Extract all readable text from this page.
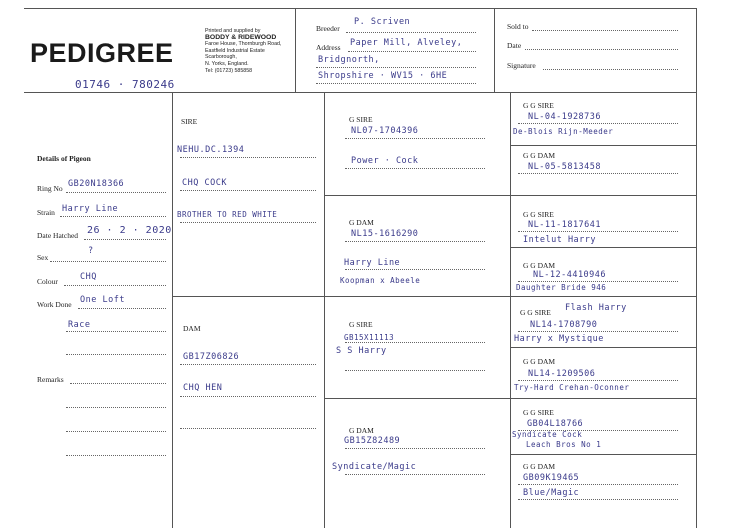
PEDIGREE
Printed and supplied by
BODDY & RIDEWOOD
Faroe House, Thornburgh Road,
Eastfield Industrial Estate
Scarborough,
N. Yorks, England.
Tel: (01723) 585858
01746 · 780246
Breeder
P. Scriven
Address Paper Mill, Alveley,
Bridgnorth,
Shropshire · WV15 · 6HE
Sold to
Date
Signature
Details of Pigeon
Ring No GB20N18366
Strain Harry Line
Date Hatched 26 · 2 · 2020
Sex
?
Colour	CHQ
Work Done One Loft
Race
Remarks
SIRE
NEHU.DC.1394
CHQ COCK
BROTHER TO RED WHITE
DAM
GB17Z06826
CHQ HEN
G SIRE
NL07-1704396
Power · Cock
G DAM
NL15-1616290
Harry Line
Koopman x Abeele
G SIRE
GB15X11113
S S Harry
G DAM
GB15Z82489
Syndicate/Magic
G G SIRE
NL-04-1928736
De-Blois Rijn-Meeder
G G DAM
NL-05-5813458
G G SIRE
NL-11-1817641
Intelut Harry
G G DAM
NL-12-4410946
Daughter Bride 946
Flash Harry
G G SIRE
NL14-1708790
Harry x Mystique
G G DAM
NL14-1209506
Try-Hard Crehan-Oconner
G G SIRE
GB04L18766
Syndicate Cock
Leach Bros No 1
G G DAM
GB09K19465
Blue/Magic
